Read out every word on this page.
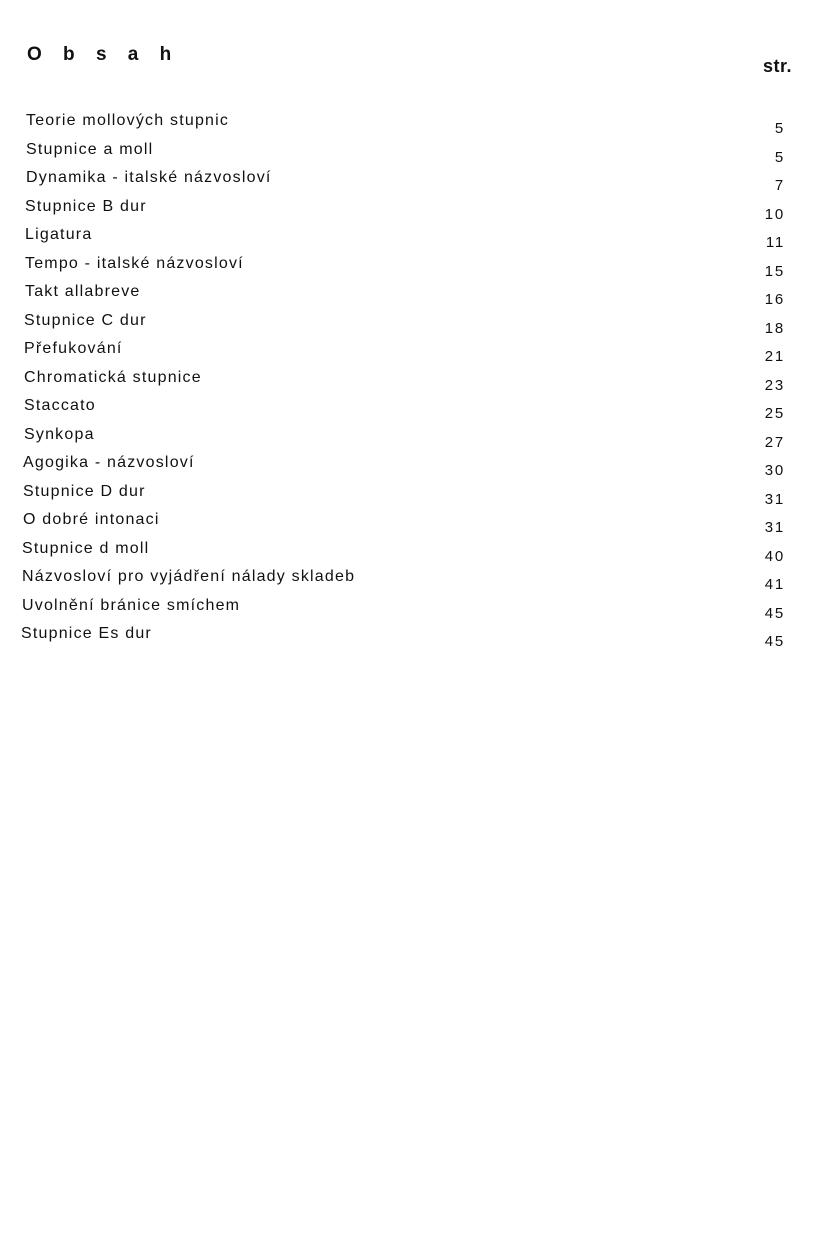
O b s a h
str.
Teorie mollových stupnic	5
Stupnice a moll	5
Dynamika - italské názvosloví	7
Stupnice B dur	10
Ligatura	11
Tempo - italské názvosloví	15
Takt allabreve	16
Stupnice C dur	18
Přefukování	21
Chromatická stupnice	23
Staccato	25
Synkopa	27
Agogika - názvosloví	30
Stupnice D dur	31
O dobré intonaci	31
Stupnice d moll	40
Názvosloví pro vyjádření nálady skladeb	41
Uvolnění bránice smíchem	45
Stupnice Es dur	45
